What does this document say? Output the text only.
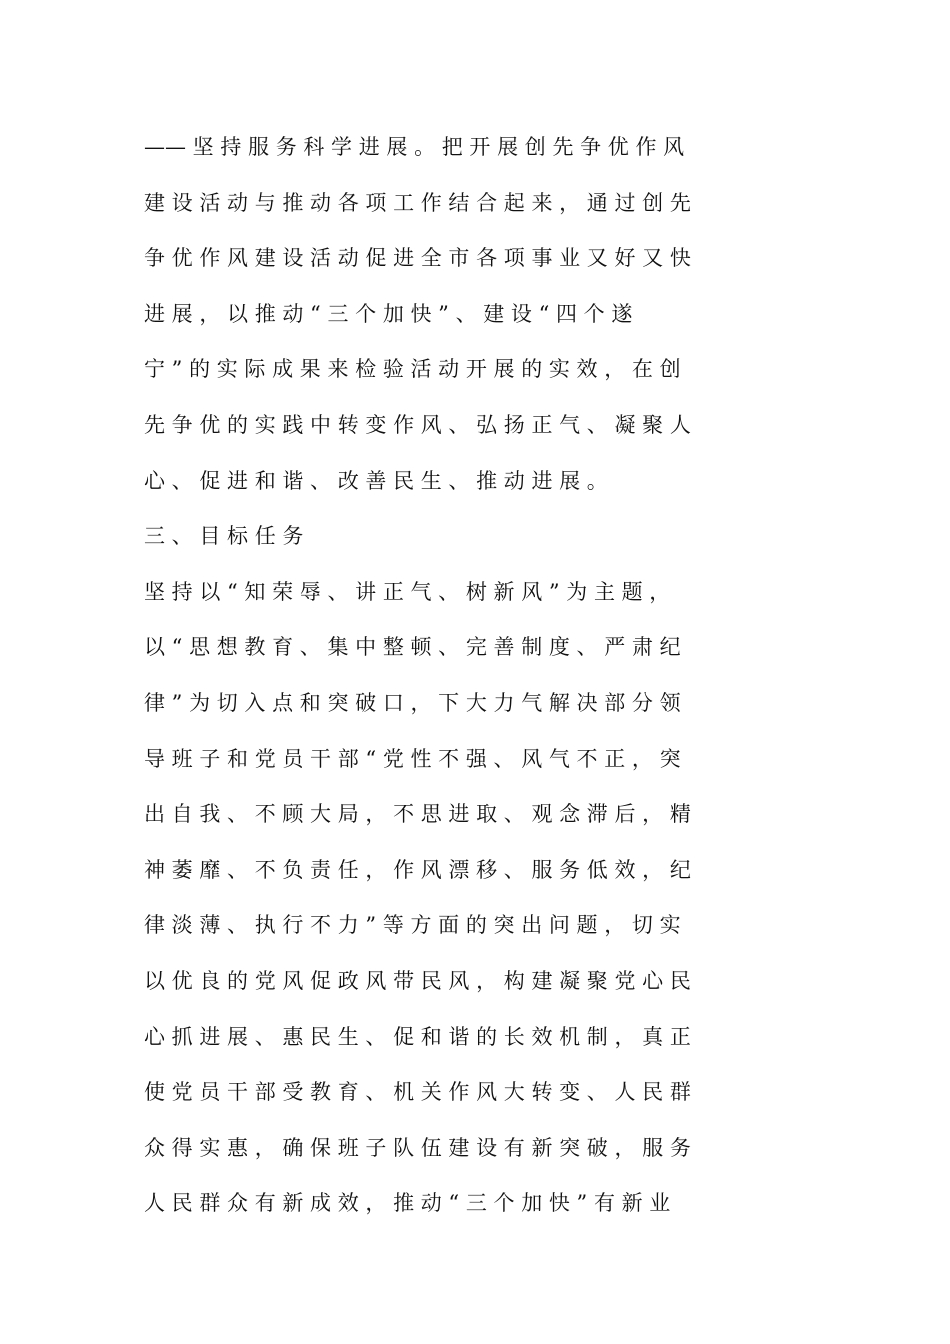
—— 坚 持 服 务 科 学 进 展 。 把 开 展 创 先 争 优 作 风
建 设 活 动 与 推 动 各 项 工 作 结 合 起 来 ， 通 过 创 先
争 优 作 风 建 设 活 动 促 进 全 市 各 项 事 业 又 好 又 快
进 展 ， 以 推 动 “ 三 个 加 快 ” 、 建 设 “ 四 个 遂
宁 ” 的 实 际 成 果 来 检 验 活 动 开 展 的 实 效 ， 在 创
先 争 优 的 实 践 中 转 变 作 风 、 弘 扬 正 气 、 凝 聚 人
心 、 促 进 和 谐 、 改 善 民 生 、 推 动 进 展 。
三 、 目 标 任 务
坚 持 以 “ 知 荣 辱 、 讲 正 气 、 树 新 风 ” 为 主 题 ，
以 “ 思 想 教 育 、 集 中 整 顿 、 完 善 制 度 、 严 肃 纪
律 ” 为 切 入 点 和 突 破 口 ， 下 大 力 气 解 决 部 分 领
导 班 子 和 党 员 干 部 “ 党 性 不 强 、 风 气 不 正 ， 突
出 自 我 、 不 顾 大 局 ， 不 思 进 取 、 观 念 滞 后 ， 精
神 萎 靡 、 不 负 责 任 ， 作 风 漂 移 、 服 务 低 效 ， 纪
律 淡 薄 、 执 行 不 力 ” 等 方 面 的 突 出 问 题 ， 切 实
以 优 良 的 党 风 促 政 风 带 民 风 ， 构 建 凝 聚 党 心 民
心 抓 进 展 、 惠 民 生 、 促 和 谐 的 长 效 机 制 ， 真 正
使 党 员 干 部 受 教 育 、 机 关 作 风 大 转 变 、 人 民 群
众 得 实 惠 ， 确 保 班 子 队 伍 建 设 有 新 突 破 ， 服 务
人 民 群 众 有 新 成 效 ， 推 动 “ 三 个 加 快 ” 有 新 业
